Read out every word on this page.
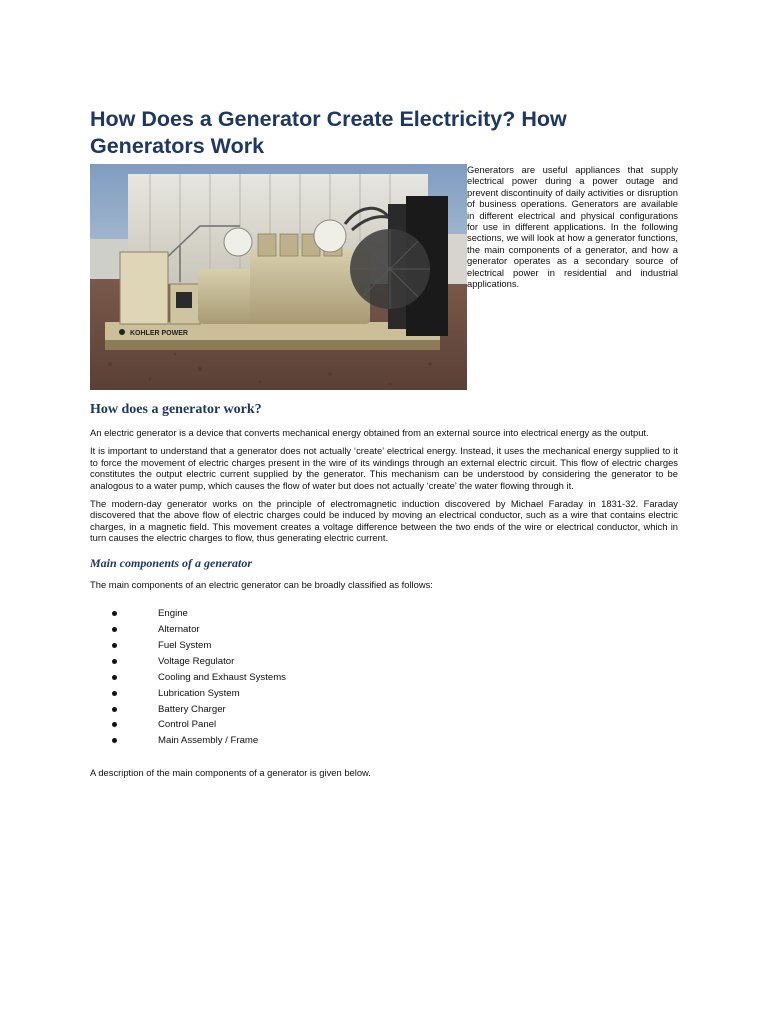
How Does a Generator Create Electricity? How Generators Work
KOHLER POWER

Generators are useful appliances that supply electrical power during a power outage and prevent discontinuity of daily activities or disruption of business operations. Generators are available in different electrical and physical configurations for use in different applications. In the following sections, we will look at how a generator functions, the main components of a generator, and how a generator operates as a secondary source of electrical power in residential and industrial applications.

How does a generator work?

An electric generator is a device that converts mechanical energy obtained from an external source into electrical energy as the output.

It is important to understand that a generator does not actually ‘create’ electrical energy. Instead, it uses the mechanical energy supplied to it to force the movement of electric charges present in the wire of its windings through an external electric circuit. This flow of electric charges constitutes the output electric current supplied by the generator. This mechanism can be understood by considering the generator to be analogous to a water pump, which causes the flow of water but does not actually ‘create’ the water flowing through it.

The modern-day generator works on the principle of electromagnetic induction discovered by Michael Faraday in 1831-32. Faraday discovered that the above flow of electric charges could be induced by moving an electrical conductor, such as a wire that contains electric charges, in a magnetic field. This movement creates a voltage difference between the two ends of the wire or electrical conductor, which in turn causes the electric charges to flow, thus generating electric current.

Main components of a generator

The main components of an electric generator can be broadly classified as follows:

Engine
Alternator
Fuel System
Voltage Regulator
Cooling and Exhaust Systems
Lubrication System
Battery Charger
Control Panel
Main Assembly / Frame

A description of the main components of a generator is given below.
